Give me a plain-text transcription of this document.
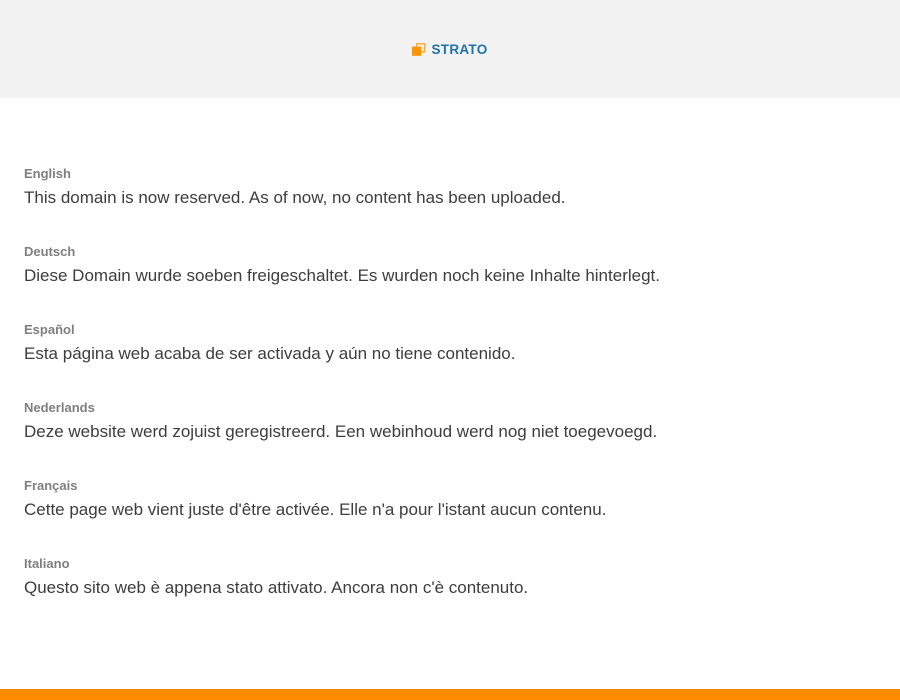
STRATO
English
This domain is now reserved. As of now, no content has been uploaded.
Deutsch
Diese Domain wurde soeben freigeschaltet. Es wurden noch keine Inhalte hinterlegt.
Español
Esta página web acaba de ser activada y aún no tiene contenido.
Nederlands
Deze website werd zojuist geregistreerd. Een webinhoud werd nog niet toegevoegd.
Français
Cette page web vient juste d'être activée. Elle n'a pour l'istant aucun contenu.
Italiano
Questo sito web è appena stato attivato. Ancora non c'è contenuto.
